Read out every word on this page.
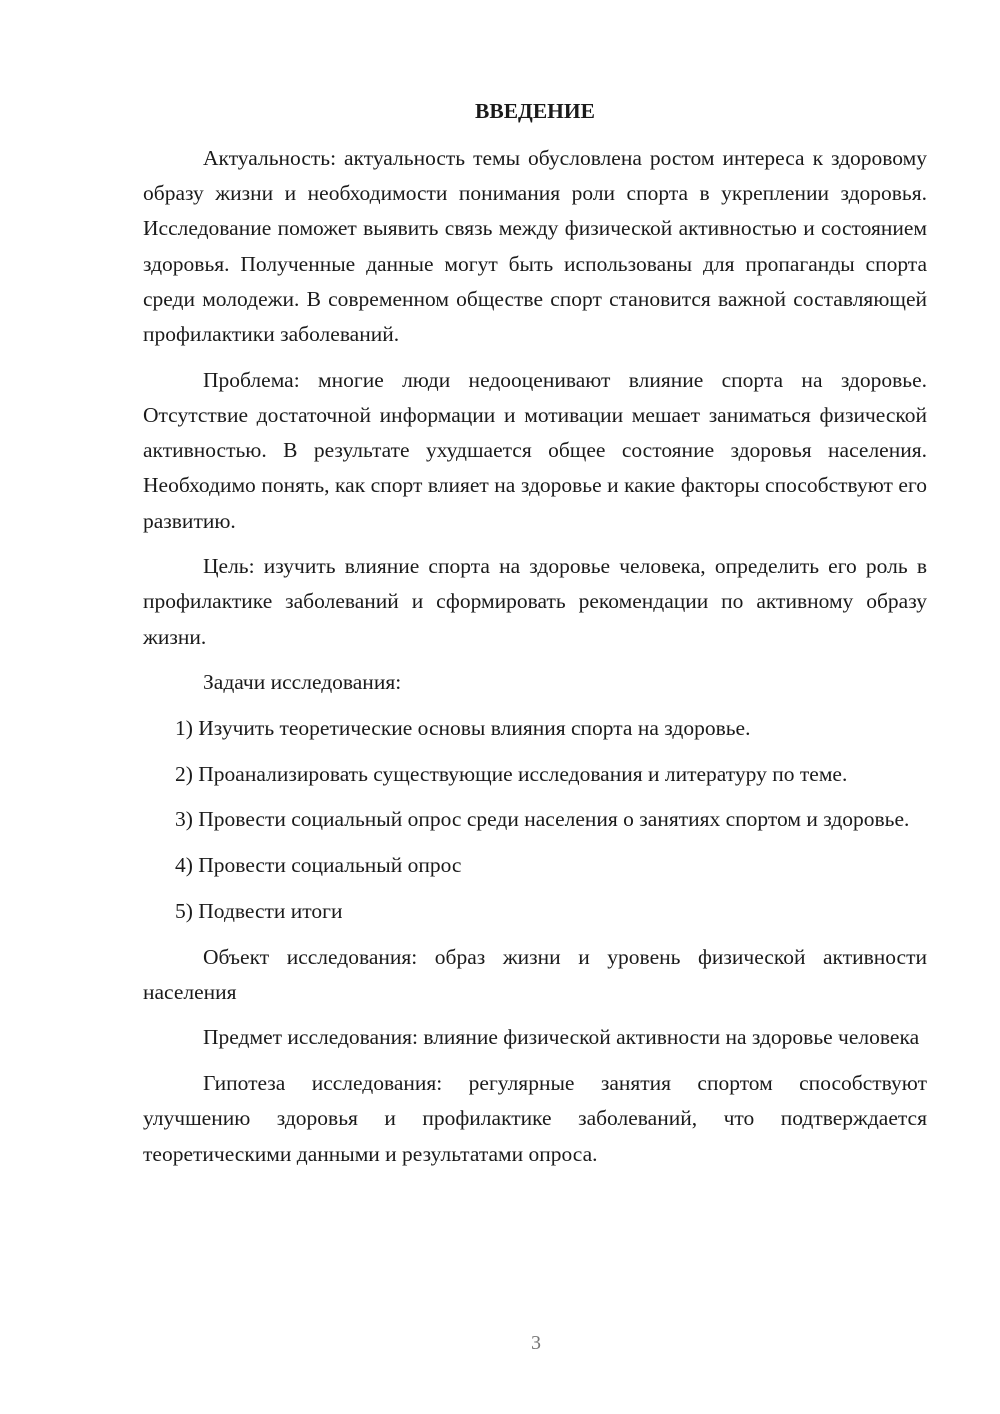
ВВЕДЕНИЕ

Актуальность: актуальность темы обусловлена ростом интереса к здоровому образу жизни и необходимости понимания роли спорта в укреплении здоровья. Исследование поможет выявить связь между физической активностью и состоянием здоровья. Полученные данные могут быть использованы для пропаганды спорта среди молодежи. В современном обществе спорт становится важной составляющей профилактики заболеваний.

Проблема: многие люди недооценивают влияние спорта на здоровье. Отсутствие достаточной информации и мотивации мешает заниматься физической активностью. В результате ухудшается общее состояние здоровья населения. Необходимо понять, как спорт влияет на здоровье и какие факторы способствуют его развитию.

Цель: изучить влияние спорта на здоровье человека, определить его роль в профилактике заболеваний и сформировать рекомендации по активному образу жизни.

Задачи исследования:

1) Изучить теоретические основы влияния спорта на здоровье.

2) Проанализировать существующие исследования и литературу по теме.

3) Провести социальный опрос среди населения о занятиях спортом и здоровье.

4) Провести социальный опрос

5) Подвести итоги

Объект исследования: образ жизни и уровень физической активности населения

Предмет исследования: влияние физической активности на здоровье человека

Гипотеза исследования: регулярные занятия спортом способствуют улучшению здоровья и профилактике заболеваний, что подтверждается теоретическими данными и результатами опроса.

3
